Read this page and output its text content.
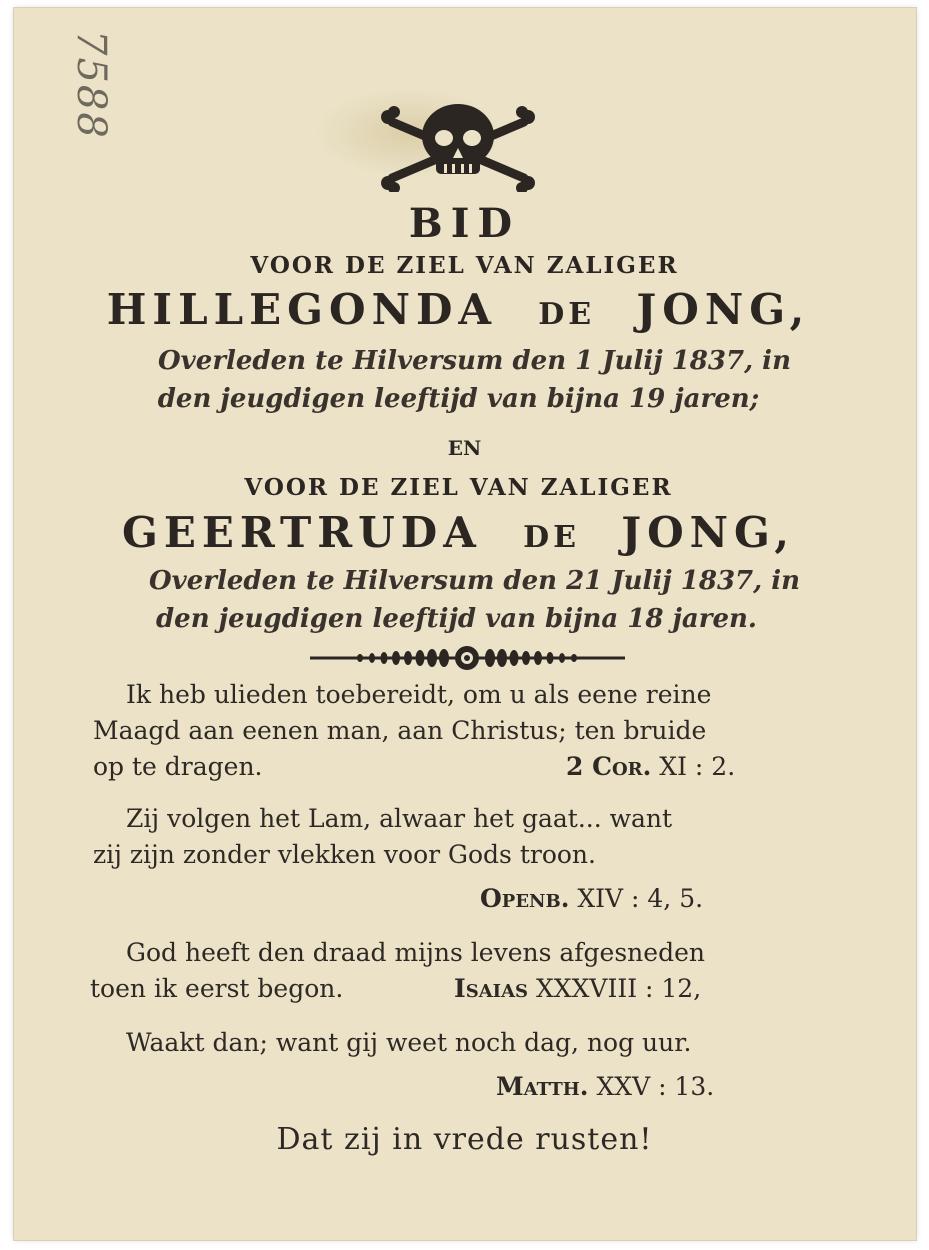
7588
BID
VOOR DE ZIEL VAN ZALIGER
HILLEGONDA DE JONG,
Overleden te Hilversum den 1 Julij 1837, in
den jeugdigen leeftijd van bijna 19 jaren;
EN
VOOR DE ZIEL VAN ZALIGER
GEERTRUDA DE JONG,
Overleden te Hilversum den 21 Julij 1837, in
den jeugdigen leeftijd van bijna 18 jaren.
Ik heb ulieden toebereidt, om u als eene reine
Maagd aan eenen man, aan Christus; ten bruide
op te dragen.	2 Cor. XI : 2.
Zij volgen het Lam, alwaar het gaat... want
zij zijn zonder vlekken voor Gods troon.
Openb. XIV : 4, 5.
God heeft den draad mijns levens afgesneden
toen ik eerst begon.	Isaias XXXVIII : 12,
Waakt dan; want gij weet noch dag, nog uur.
Matth. XXV : 13.
Dat zij in vrede rusten!
